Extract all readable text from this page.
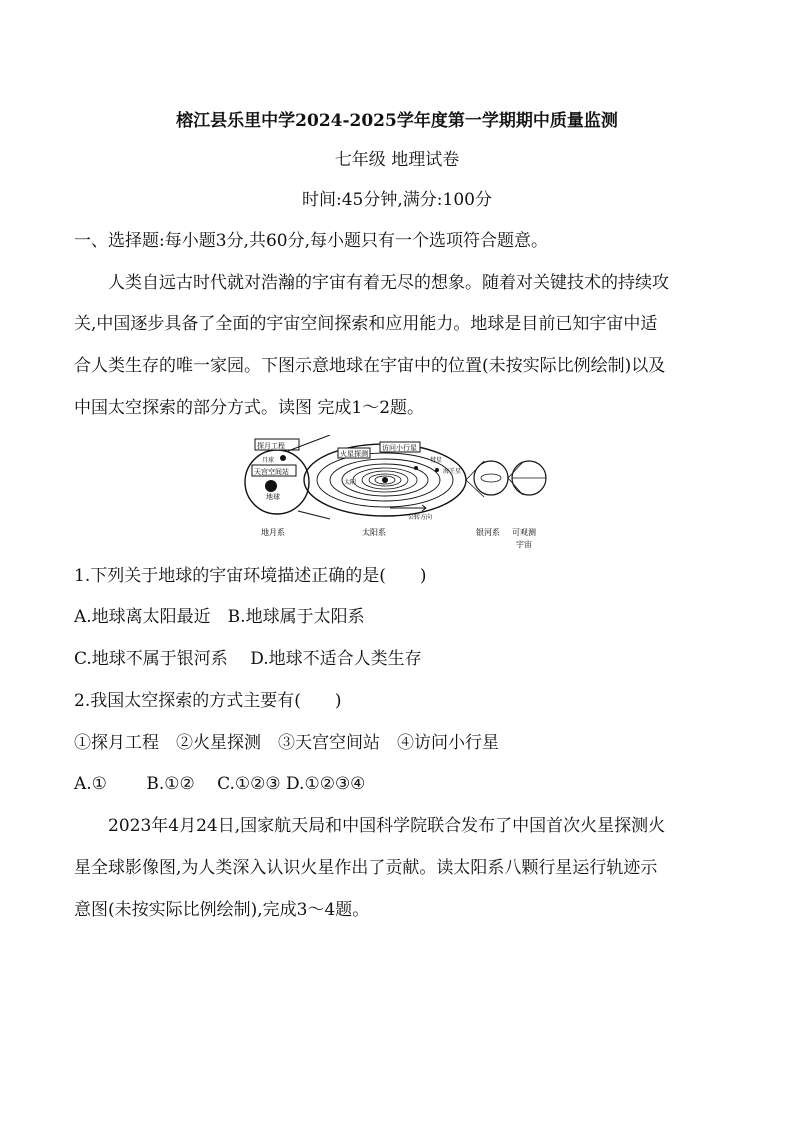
榕江县乐里中学2024-2025学年度第一学期期中质量监测
七年级 地理试卷
时间:45分钟,满分:100分
一、选择题:每小题3分,共60分,每小题只有一个选项符合题意。
人类自远古时代就对浩瀚的宇宙有着无尽的想象。随着对关键技术的持续攻
关,中国逐步具备了全面的宇宙空间探索和应用能力。地球是目前已知宇宙中适
合人类生存的唯一家园。下图示意地球在宇宙中的位置(未按实际比例绘制)以及
中国太空探索的部分方式。读图 完成1～2题。
探月工程
月球
天宫空间站
地球
太阳
火星探测
访问小行星
彗星
海王星
公转方向
地月系	太阳系	银河系 可观测
宇宙
1.下列关于地球的宇宙环境描述正确的是(　　)
A.地球离太阳最近　B.地球属于太阳系
C.地球不属于银河系　 D.地球不适合人类生存
2.我国太空探索的方式主要有(　　)
①探月工程　②火星探测　③天宫空间站　④访问小行星
A.①　　 B.①②　 C.①②③ D.①②③④
2023年4月24日,国家航天局和中国科学院联合发布了中国首次火星探测火
星全球影像图,为人类深入认识火星作出了贡献。读太阳系八颗行星运行轨迹示
意图(未按实际比例绘制),完成3～4题。
